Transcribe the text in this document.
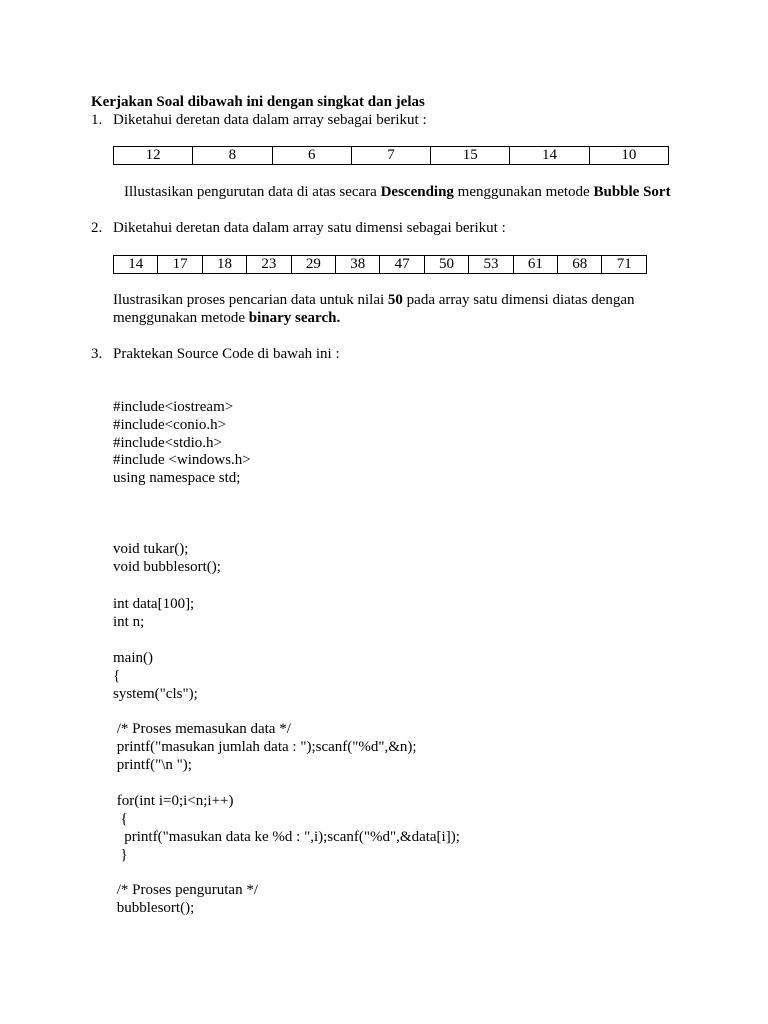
Kerjakan Soal dibawah ini dengan singkat dan jelas
1. Diketahui deretan data dalam array sebagai berikut :
12	8	6	7	15	14	10
Illustasikan pengurutan data di atas secara Descending menggunakan metode Bubble Sort
2. Diketahui deretan data dalam array satu dimensi sebagai berikut :
14	17	18	23	29	38	47	50	53	61	68	71
Ilustrasikan proses pencarian data untuk nilai 50 pada array satu dimensi diatas dengan
menggunakan metode binary search.
3. Praktekan Source Code di bawah ini :
#include<iostream>
#include<conio.h>
#include<stdio.h>
#include <windows.h>
using namespace std;
void tukar();
void bubblesort();
int data[100];
int n;
main()
{
system("cls");
/* Proses memasukan data */
printf("masukan jumlah data : ");scanf("%d",&n);
printf("\n ");
for(int i=0;i<n;i++)
{
printf("masukan data ke %d : ",i);scanf("%d",&data[i]);
}
/* Proses pengurutan */
bubblesort();
